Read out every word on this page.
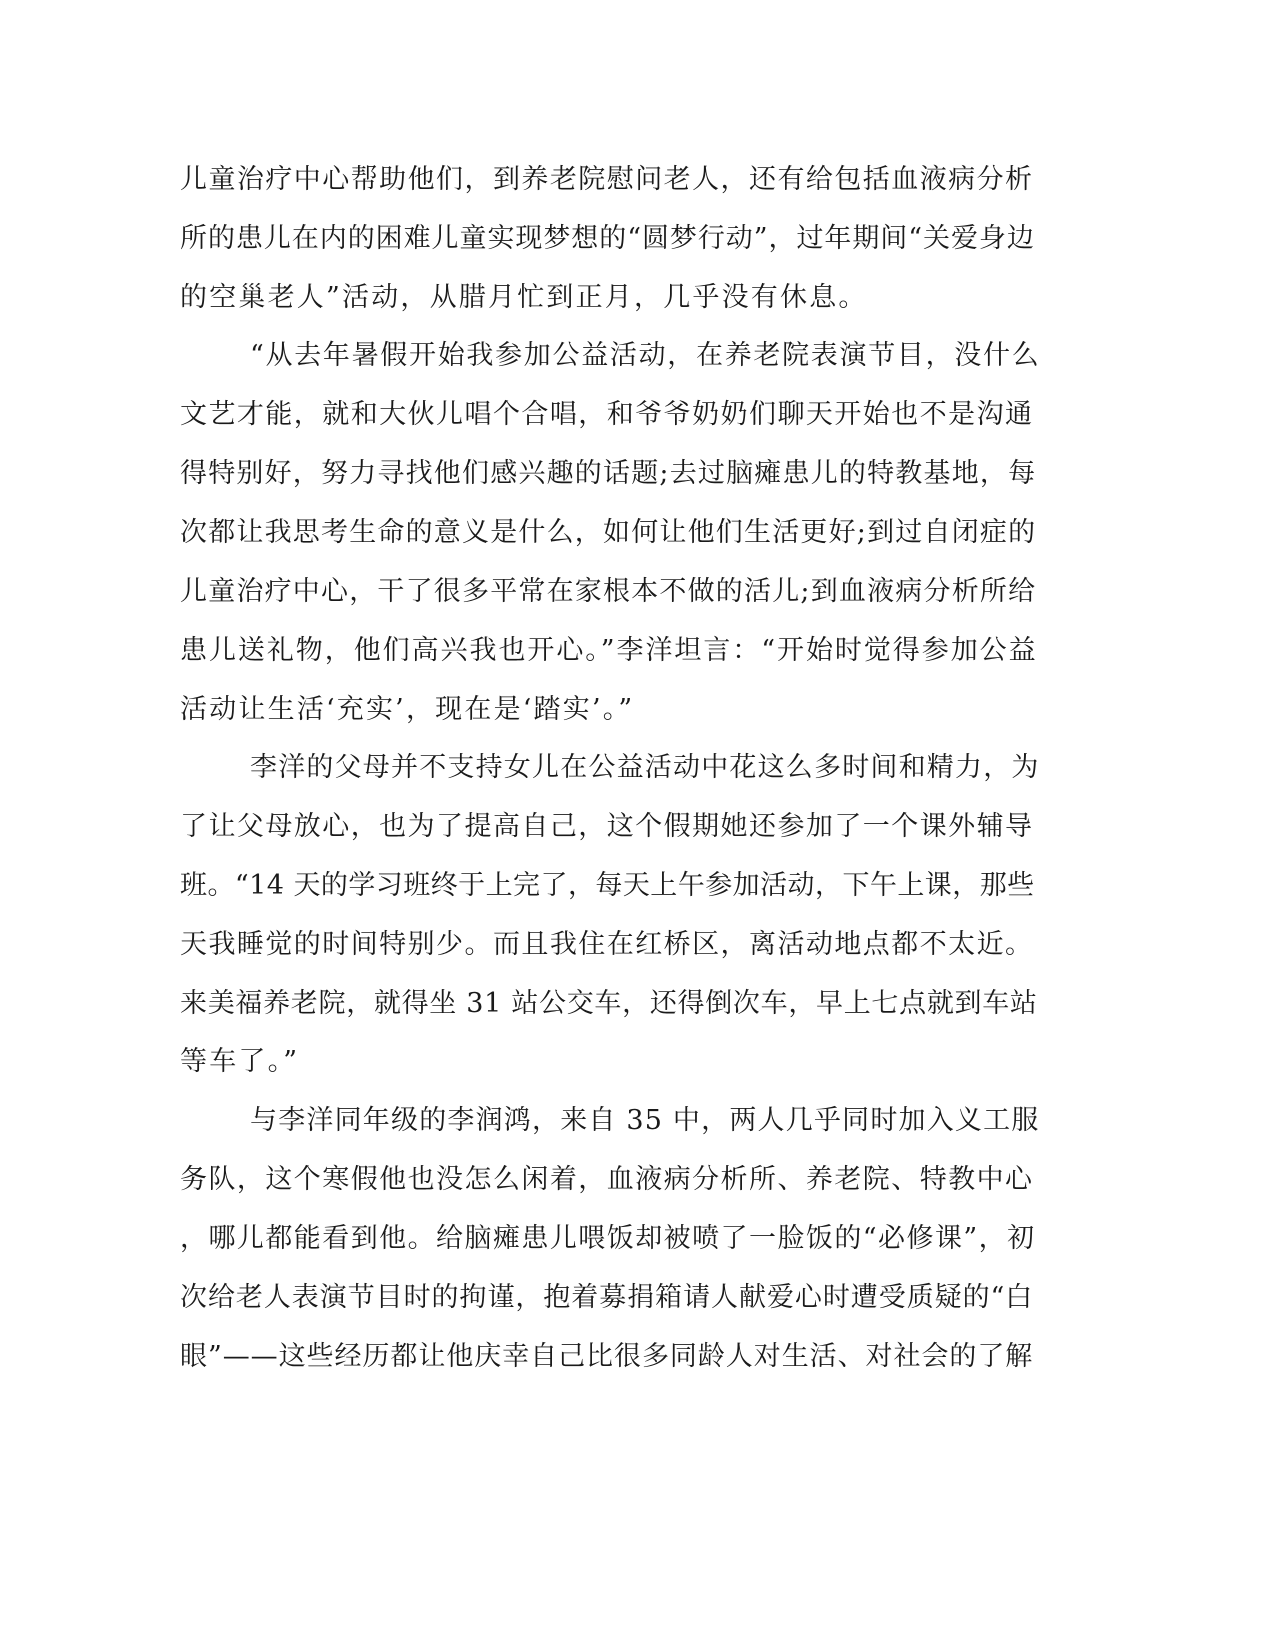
儿童治疗中心帮助他们，到养老院慰问老人，还有给包括血液病分析
所的患儿在内的困难儿童实现梦想的“圆梦行动”，过年期间“关爱身边
的空巢老人”活动，从腊月忙到正月，几乎没有休息。
“从去年暑假开始我参加公益活动，在养老院表演节目，没什么
文艺才能，就和大伙儿唱个合唱，和爷爷奶奶们聊天开始也不是沟通
得特别好，努力寻找他们感兴趣的话题;去过脑瘫患儿的特教基地，每
次都让我思考生命的意义是什么，如何让他们生活更好;到过自闭症的
儿童治疗中心，干了很多平常在家根本不做的活儿;到血液病分析所给
患儿送礼物，他们高兴我也开心。”李洋坦言：“开始时觉得参加公益
活动让生活‘充实’，现在是‘踏实’。”
李洋的父母并不支持女儿在公益活动中花这么多时间和精力，为
了让父母放心，也为了提高自己，这个假期她还参加了一个课外辅导
班。“14 天的学习班终于上完了，每天上午参加活动，下午上课，那些
天我睡觉的时间特别少。而且我住在红桥区，离活动地点都不太近。
来美福养老院，就得坐 31 站公交车，还得倒次车，早上七点就到车站
等车了。”
与李洋同年级的李润鸿，来自 35 中，两人几乎同时加入义工服
务队，这个寒假他也没怎么闲着，血液病分析所、养老院、特教中心
，哪儿都能看到他。给脑瘫患儿喂饭却被喷了一脸饭的“必修课”，初
次给老人表演节目时的拘谨，抱着募捐箱请人献爱心时遭受质疑的“白
眼”——这些经历都让他庆幸自己比很多同龄人对生活、对社会的了解
